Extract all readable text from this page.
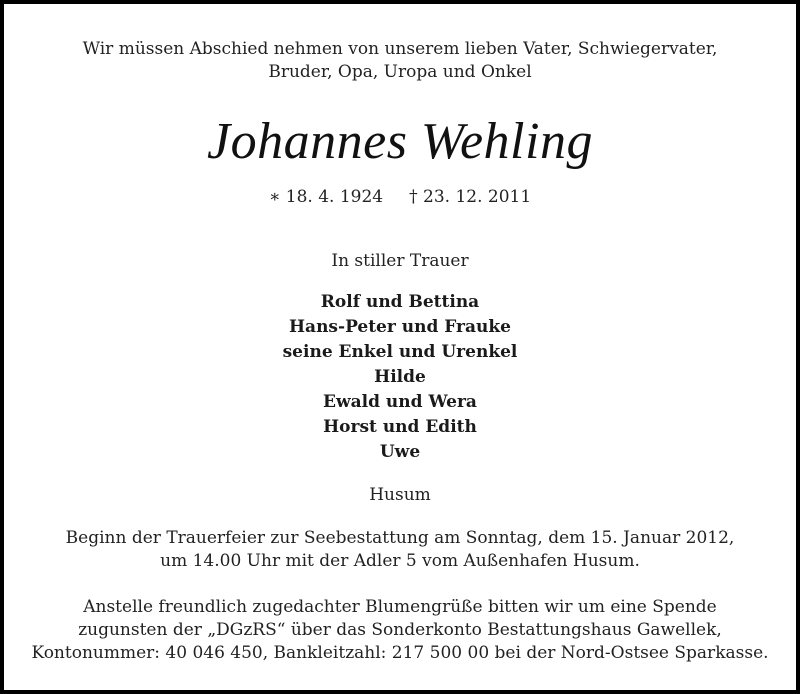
Wir müssen Abschied nehmen von unserem lieben Vater, Schwiegervater,
Bruder, Opa, Uropa und Onkel
Johannes Wehling
∗ 18. 4. 1924 † 23. 12. 2011
In stiller Trauer
Rolf und Bettina
Hans-Peter und Frauke
seine Enkel und Urenkel
Hilde
Ewald und Wera
Horst und Edith
Uwe
Husum
Beginn der Trauerfeier zur Seebestattung am Sonntag, dem 15. Januar 2012,
um 14.00 Uhr mit der Adler 5 vom Außenhafen Husum.
Anstelle freundlich zugedachter Blumengrüße bitten wir um eine Spende
zugunsten der „DGzRS“ über das Sonderkonto Bestattungshaus Gawellek,
Kontonummer: 40 046 450, Bankleitzahl: 217 500 00 bei der Nord-Ostsee Sparkasse.
